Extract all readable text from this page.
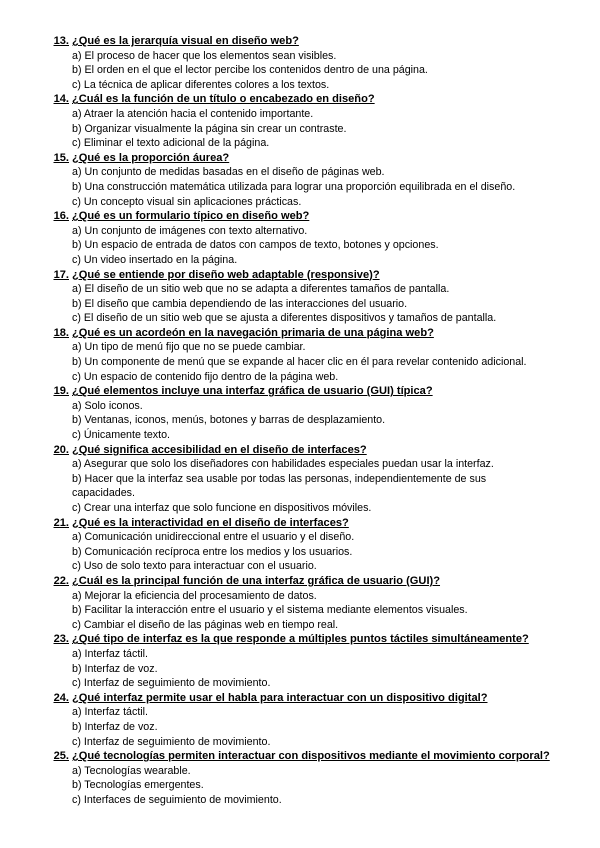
13. ¿Qué es la jerarquía visual en diseño web?
a) El proceso de hacer que los elementos sean visibles.
b) El orden en el que el lector percibe los contenidos dentro de una página.
c) La técnica de aplicar diferentes colores a los textos.
14. ¿Cuál es la función de un título o encabezado en diseño?
a) Atraer la atención hacia el contenido importante.
b) Organizar visualmente la página sin crear un contraste.
c) Eliminar el texto adicional de la página.
15. ¿Qué es la proporción áurea?
a) Un conjunto de medidas basadas en el diseño de páginas web.
b) Una construcción matemática utilizada para lograr una proporción equilibrada en el diseño.
c) Un concepto visual sin aplicaciones prácticas.
16. ¿Qué es un formulario típico en diseño web?
a) Un conjunto de imágenes con texto alternativo.
b) Un espacio de entrada de datos con campos de texto, botones y opciones.
c) Un video insertado en la página.
17. ¿Qué se entiende por diseño web adaptable (responsive)?
a) El diseño de un sitio web que no se adapta a diferentes tamaños de pantalla.
b) El diseño que cambia dependiendo de las interacciones del usuario.
c) El diseño de un sitio web que se ajusta a diferentes dispositivos y tamaños de pantalla.
18. ¿Qué es un acordeón en la navegación primaria de una página web?
a) Un tipo de menú fijo que no se puede cambiar.
b) Un componente de menú que se expande al hacer clic en él para revelar contenido adicional.
c) Un espacio de contenido fijo dentro de la página web.
19. ¿Qué elementos incluye una interfaz gráfica de usuario (GUI) típica?
a) Solo iconos.
b) Ventanas, iconos, menús, botones y barras de desplazamiento.
c) Únicamente texto.
20. ¿Qué significa accesibilidad en el diseño de interfaces?
a) Asegurar que solo los diseñadores con habilidades especiales puedan usar la interfaz.
b) Hacer que la interfaz sea usable por todas las personas, independientemente de sus capacidades.
c) Crear una interfaz que solo funcione en dispositivos móviles.
21. ¿Qué es la interactividad en el diseño de interfaces?
a) Comunicación unidireccional entre el usuario y el diseño.
b) Comunicación recíproca entre los medios y los usuarios.
c) Uso de solo texto para interactuar con el usuario.
22. ¿Cuál es la principal función de una interfaz gráfica de usuario (GUI)?
a) Mejorar la eficiencia del procesamiento de datos.
b) Facilitar la interacción entre el usuario y el sistema mediante elementos visuales.
c) Cambiar el diseño de las páginas web en tiempo real.
23. ¿Qué tipo de interfaz es la que responde a múltiples puntos táctiles simultáneamente?
a) Interfaz táctil.
b) Interfaz de voz.
c) Interfaz de seguimiento de movimiento.
24. ¿Qué interfaz permite usar el habla para interactuar con un dispositivo digital?
a) Interfaz táctil.
b) Interfaz de voz.
c) Interfaz de seguimiento de movimiento.
25. ¿Qué tecnologías permiten interactuar con dispositivos mediante el movimiento corporal?
a) Tecnologías wearable.
b) Tecnologías emergentes.
c) Interfaces de seguimiento de movimiento.
